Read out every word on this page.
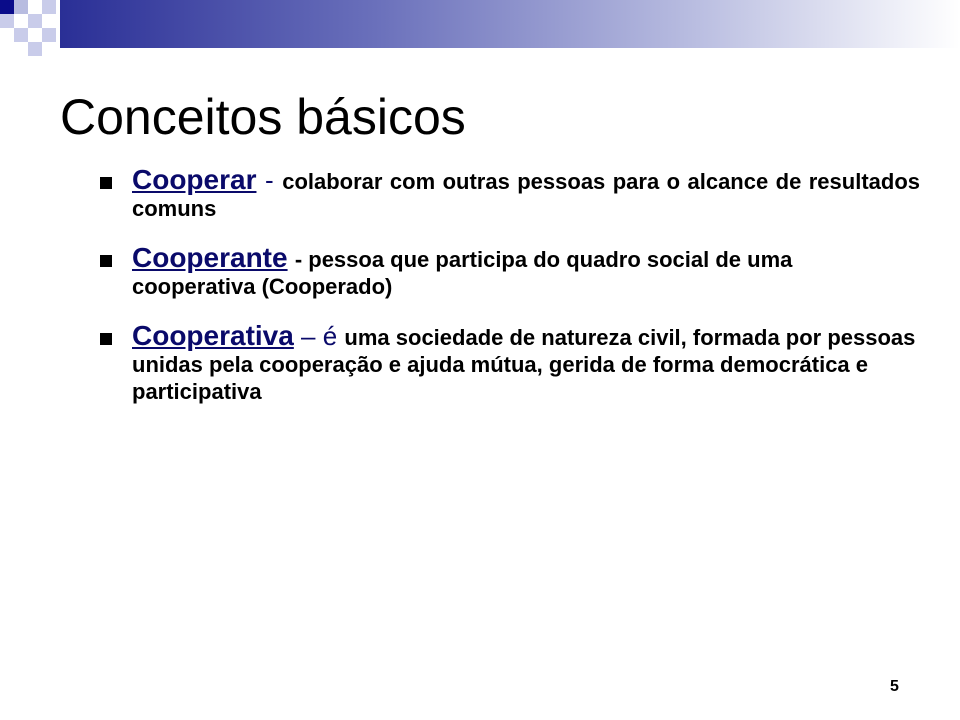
Conceitos básicos
Cooperar - colaborar com outras pessoas para o alcance de resultados comuns
Cooperante - pessoa que participa do quadro social de uma cooperativa (Cooperado)
Cooperativa – é uma sociedade de natureza civil, formada por pessoas unidas pela cooperação e ajuda mútua, gerida de forma democrática e participativa
5
